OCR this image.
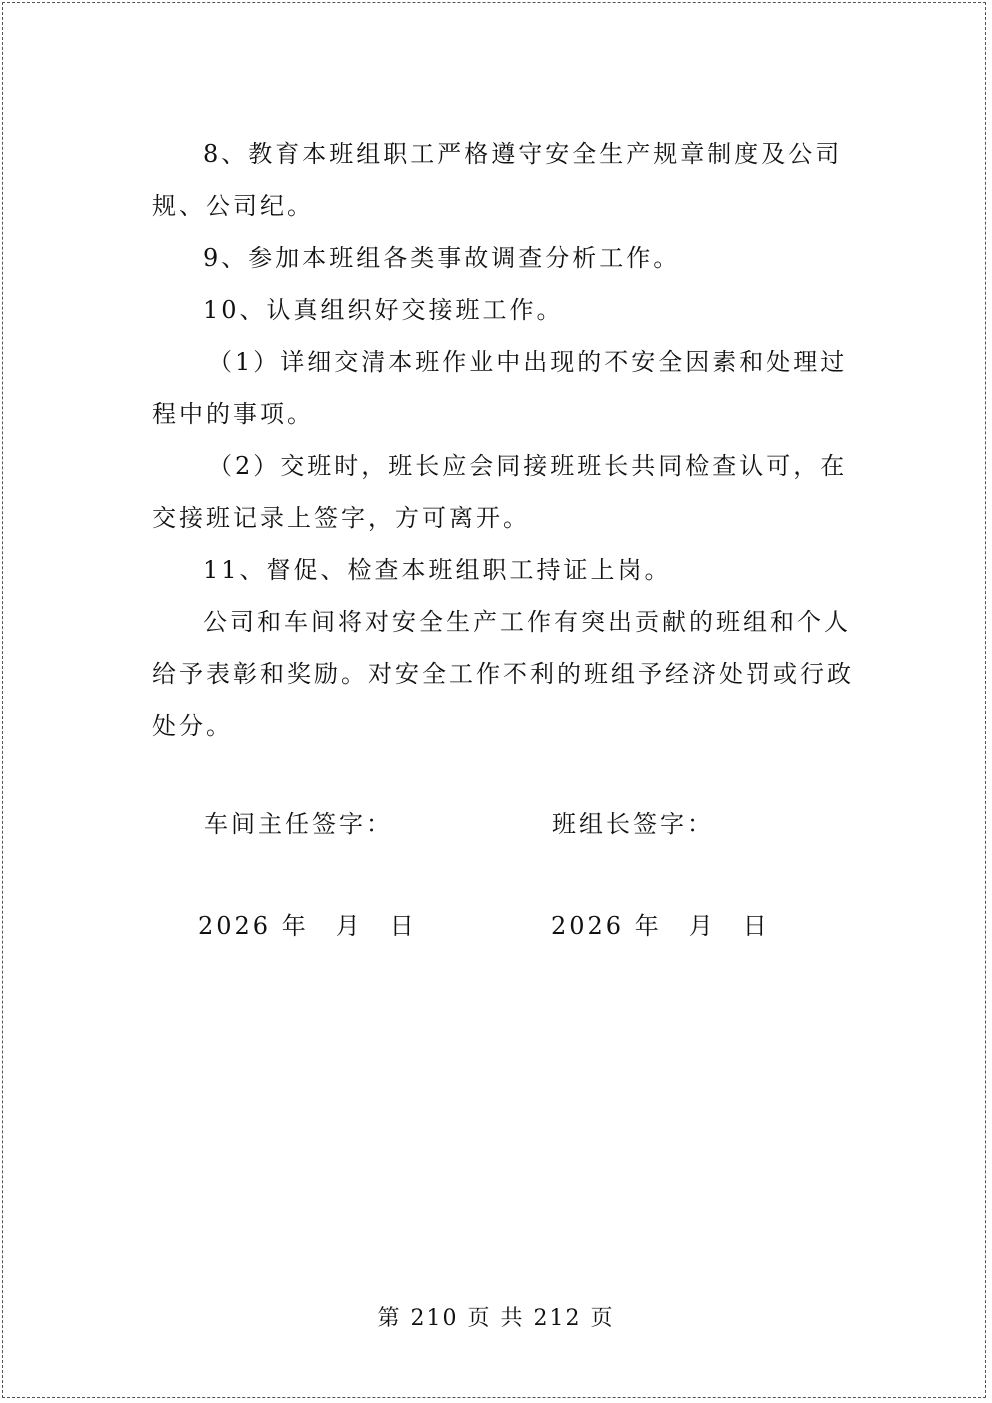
8、教育本班组职工严格遵守安全生产规章制度及公司
规、公司纪。
9、参加本班组各类事故调查分析工作。
10、认真组织好交接班工作。
（1）详细交清本班作业中出现的不安全因素和处理过
程中的事项。
（2）交班时，班长应会同接班班长共同检查认可，在
交接班记录上签字，方可离开。
11、督促、检查本班组职工持证上岗。
公司和车间将对安全生产工作有突出贡献的班组和个人
给予表彰和奖励。对安全工作不利的班组予经济处罚或行政
处分。
车间主任签字：	班组长签字：
2026 年　月　日	2026 年　月　日
第 210 页 共 212 页
